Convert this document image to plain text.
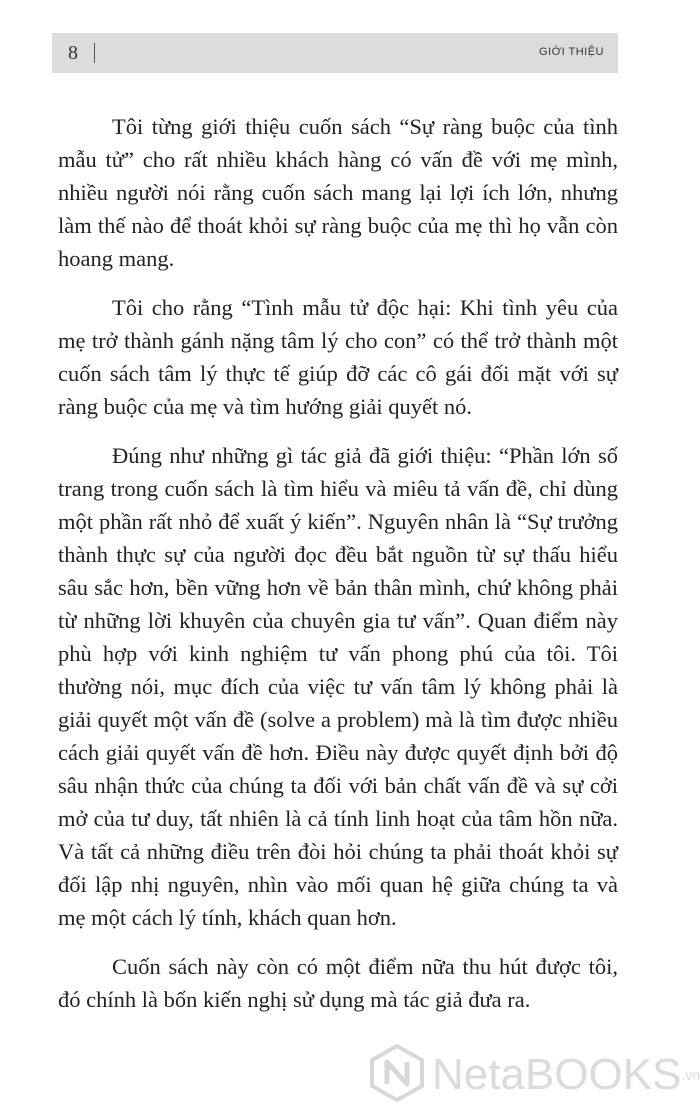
8	GIỚI THIỆU

Tôi từng giới thiệu cuốn sách “Sự ràng buộc của tình mẫu tử” cho rất nhiều khách hàng có vấn đề với mẹ mình, nhiều người nói rằng cuốn sách mang lại lợi ích lớn, nhưng làm thế nào để thoát khỏi sự ràng buộc của mẹ thì họ vẫn còn hoang mang.

Tôi cho rằng “Tình mẫu tử độc hại: Khi tình yêu của mẹ trở thành gánh nặng tâm lý cho con” có thể trở thành một cuốn sách tâm lý thực tế giúp đỡ các cô gái đối mặt với sự ràng buộc của mẹ và tìm hướng giải quyết nó.

Đúng như những gì tác giả đã giới thiệu: “Phần lớn số trang trong cuốn sách là tìm hiểu và miêu tả vấn đề, chỉ dùng một phần rất nhỏ để xuất ý kiến”. Nguyên nhân là “Sự trưởng thành thực sự của người đọc đều bắt nguồn từ sự thấu hiểu sâu sắc hơn, bền vững hơn về bản thân mình, chứ không phải từ những lời khuyên của chuyên gia tư vấn”. Quan điểm này phù hợp với kinh nghiệm tư vấn phong phú của tôi. Tôi thường nói, mục đích của việc tư vấn tâm lý không phải là giải quyết một vấn đề (solve a problem) mà là tìm được nhiều cách giải quyết vấn đề hơn. Điều này được quyết định bởi độ sâu nhận thức của chúng ta đối với bản chất vấn đề và sự cởi mở của tư duy, tất nhiên là cả tính linh hoạt của tâm hồn nữa. Và tất cả những điều trên đòi hỏi chúng ta phải thoát khỏi sự đối lập nhị nguyên, nhìn vào mối quan hệ giữa chúng ta và mẹ một cách lý tính, khách quan hơn.

Cuốn sách này còn có một điểm nữa thu hút được tôi, đó chính là bốn kiến nghị sử dụng mà tác giả đưa ra.

NetaBOOKS.vn
